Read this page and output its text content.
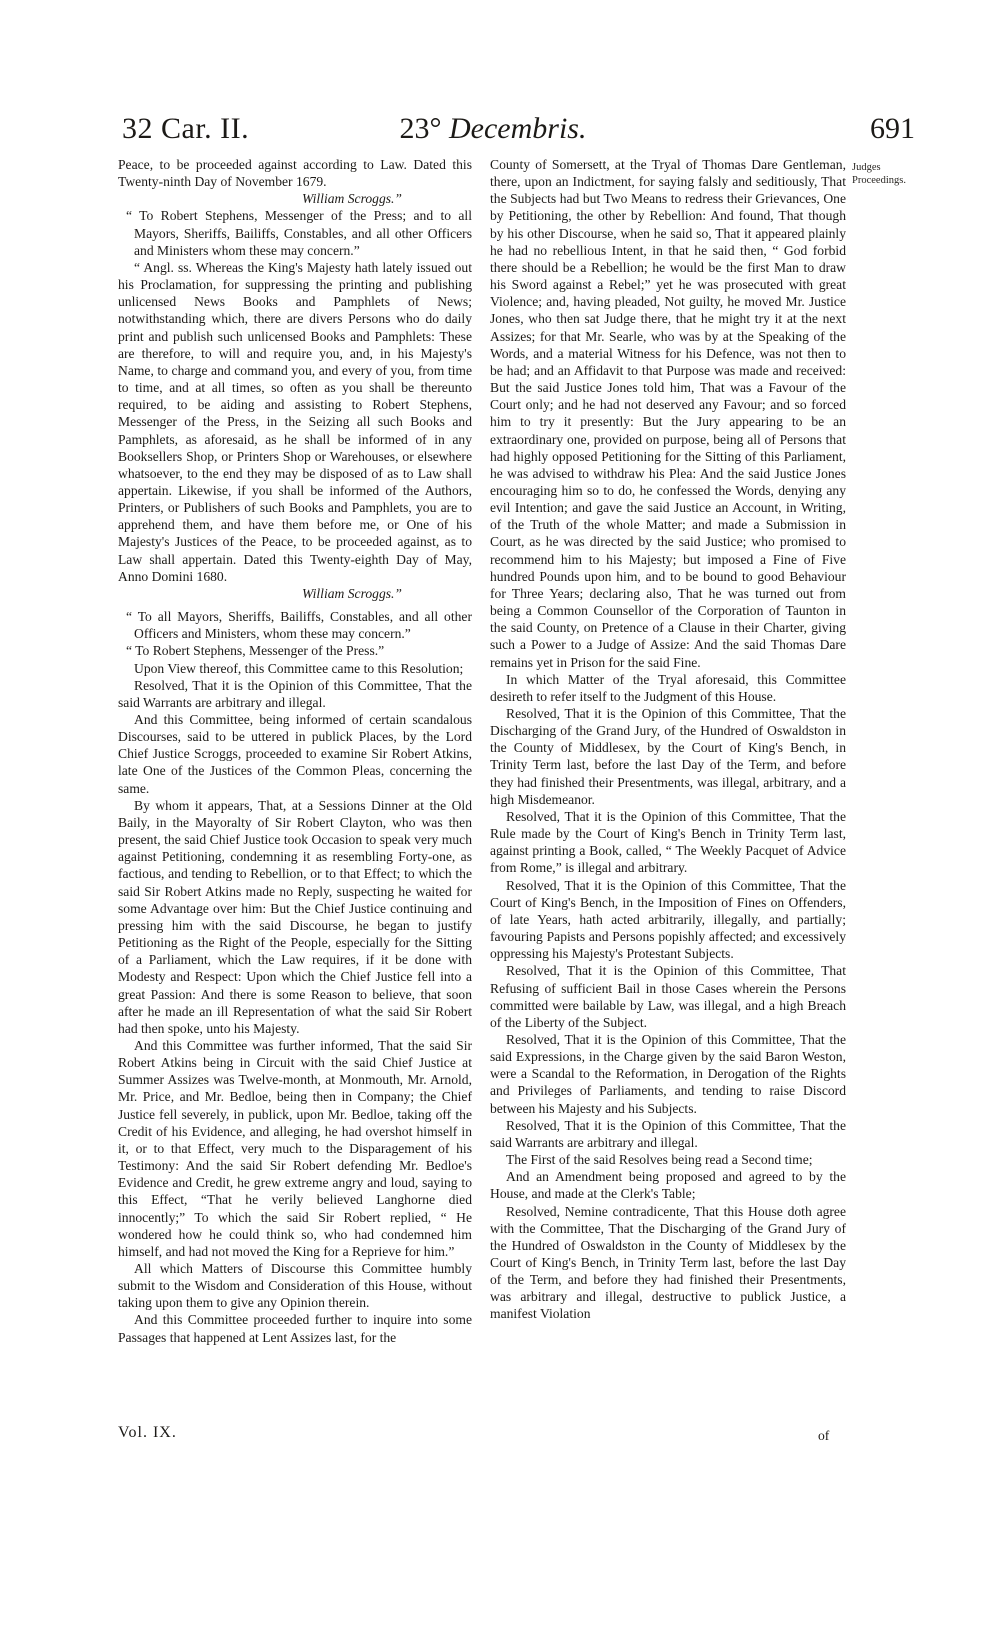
32 Car. II.	23° Decembris.	691

Peace, to be proceeded against according to Law. Dated this Twenty-ninth Day of November 1679.

William Scroggs.”

“ To Robert Stephens, Messenger of the Press; and to all Mayors, Sheriffs, Bailiffs, Constables, and all other Officers and Ministers whom these may concern.”

“ Angl. ss. Whereas the King's Majesty hath lately issued out his Proclamation, for suppressing the printing and publishing unlicensed News Books and Pamphlets of News; notwithstanding which, there are divers Persons who do daily print and publish such unlicensed Books and Pamphlets: These are therefore, to will and require you, and, in his Majesty's Name, to charge and command you, and every of you, from time to time, and at all times, so often as you shall be thereunto required, to be aiding and assisting to Robert Stephens, Messenger of the Press, in the Seizing all such Books and Pamphlets, as aforesaid, as he shall be informed of in any Booksellers Shop, or Printers Shop or Warehouses, or elsewhere whatsoever, to the end they may be disposed of as to Law shall appertain. Likewise, if you shall be informed of the Authors, Printers, or Publishers of such Books and Pamphlets, you are to apprehend them, and have them before me, or One of his Majesty's Justices of the Peace, to be proceeded against, as to Law shall appertain. Dated this Twenty-eighth Day of May, Anno Domini 1680.

William Scroggs.”

“ To all Mayors, Sheriffs, Bailiffs, Constables, and all other Officers and Ministers, whom these may concern.”

“ To Robert Stephens, Messenger of the Press.”

Upon View thereof, this Committee came to this Resolution;

Resolved, That it is the Opinion of this Committee, That the said Warrants are arbitrary and illegal.

And this Committee, being informed of certain scandalous Discourses, said to be uttered in publick Places, by the Lord Chief Justice Scroggs, proceeded to examine Sir Robert Atkins, late One of the Justices of the Common Pleas, concerning the same.

By whom it appears, That, at a Sessions Dinner at the Old Baily, in the Mayoralty of Sir Robert Clayton, who was then present, the said Chief Justice took Occasion to speak very much against Petitioning, condemning it as resembling Forty-one, as factious, and tending to Rebellion, or to that Effect; to which the said Sir Robert Atkins made no Reply, suspecting he waited for some Advantage over him: But the Chief Justice continuing and pressing him with the said Discourse, he began to justify Petitioning as the Right of the People, especially for the Sitting of a Parliament, which the Law requires, if it be done with Modesty and Respect: Upon which the Chief Justice fell into a great Passion: And there is some Reason to believe, that soon after he made an ill Representation of what the said Sir Robert had then spoke, unto his Majesty.

And this Committee was further informed, That the said Sir Robert Atkins being in Circuit with the said Chief Justice at Summer Assizes was Twelve-month, at Monmouth, Mr. Arnold, Mr. Price, and Mr. Bedloe, being then in Company; the Chief Justice fell severely, in publick, upon Mr. Bedloe, taking off the Credit of his Evidence, and alleging, he had overshot himself in it, or to that Effect, very much to the Disparagement of his Testimony: And the said Sir Robert defending Mr. Bedloe's Evidence and Credit, he grew extreme angry and loud, saying to this Effect, “That he verily believed Langhorne died innocently;” To which the said Sir Robert replied, “ He wondered how he could think so, who had condemned him himself, and had not moved the King for a Reprieve for him.”

All which Matters of Discourse this Committee humbly submit to the Wisdom and Consideration of this House, without taking upon them to give any Opinion therein.

And this Committee proceeded further to inquire into some Passages that happened at Lent Assizes last, for the

County of Somersett, at the Tryal of Thomas Dare Gentleman, there, upon an Indictment, for saying falsly and seditiously, That the Subjects had but Two Means to redress their Grievances, One by Petitioning, the other by Rebellion: And found, That though by his other Discourse, when he said so, That it appeared plainly he had no rebellious Intent, in that he said then, “ God forbid there should be a Rebellion; he would be the first Man to draw his Sword against a Rebel;” yet he was prosecuted with great Violence; and, having pleaded, Not guilty, he moved Mr. Justice Jones, who then sat Judge there, that he might try it at the next Assizes; for that Mr. Searle, who was by at the Speaking of the Words, and a material Witness for his Defence, was not then to be had; and an Affidavit to that Purpose was made and received: But the said Justice Jones told him, That was a Favour of the Court only; and he had not deserved any Favour; and so forced him to try it presently: But the Jury appearing to be an extraordinary one, provided on purpose, being all of Persons that had highly opposed Petitioning for the Sitting of this Parliament, he was advised to withdraw his Plea: And the said Justice Jones encouraging him so to do, he confessed the Words, denying any evil Intention; and gave the said Justice an Account, in Writing, of the Truth of the whole Matter; and made a Submission in Court, as he was directed by the said Justice; who promised to recommend him to his Majesty; but imposed a Fine of Five hundred Pounds upon him, and to be bound to good Behaviour for Three Years; declaring also, That he was turned out from being a Common Counsellor of the Corporation of Taunton in the said County, on Pretence of a Clause in their Charter, giving such a Power to a Judge of Assize: And the said Thomas Dare remains yet in Prison for the said Fine.

In which Matter of the Tryal aforesaid, this Committee desireth to refer itself to the Judgment of this House.

Resolved, That it is the Opinion of this Committee, That the Discharging of the Grand Jury, of the Hundred of Oswaldston in the County of Middlesex, by the Court of King's Bench, in Trinity Term last, before the last Day of the Term, and before they had finished their Presentments, was illegal, arbitrary, and a high Misdemeanor.

Resolved, That it is the Opinion of this Committee, That the Rule made by the Court of King's Bench in Trinity Term last, against printing a Book, called, “ The Weekly Pacquet of Advice from Rome,” is illegal and arbitrary.

Resolved, That it is the Opinion of this Committee, That the Court of King's Bench, in the Imposition of Fines on Offenders, of late Years, hath acted arbitrarily, illegally, and partially; favouring Papists and Persons popishly affected; and excessively oppressing his Majesty's Protestant Subjects.

Resolved, That it is the Opinion of this Committee, That Refusing of sufficient Bail in those Cases wherein the Persons committed were bailable by Law, was illegal, and a high Breach of the Liberty of the Subject.

Resolved, That it is the Opinion of this Committee, That the said Expressions, in the Charge given by the said Baron Weston, were a Scandal to the Reformation, in Derogation of the Rights and Privileges of Parliaments, and tending to raise Discord between his Majesty and his Subjects.

Resolved, That it is the Opinion of this Committee, That the said Warrants are arbitrary and illegal.

The First of the said Resolves being read a Second time;

And an Amendment being proposed and agreed to by the House, and made at the Clerk's Table;

Resolved, Nemine contradicente, That this House doth agree with the Committee, That the Discharging of the Grand Jury of the Hundred of Oswaldston in the County of Middlesex by the Court of King's Bench, in Trinity Term last, before the last Day of the Term, and before they had finished their Presentments, was arbitrary and illegal, destructive to publick Justice, a manifest Violation

Judges Proceedings.
Vol. IX.	of
